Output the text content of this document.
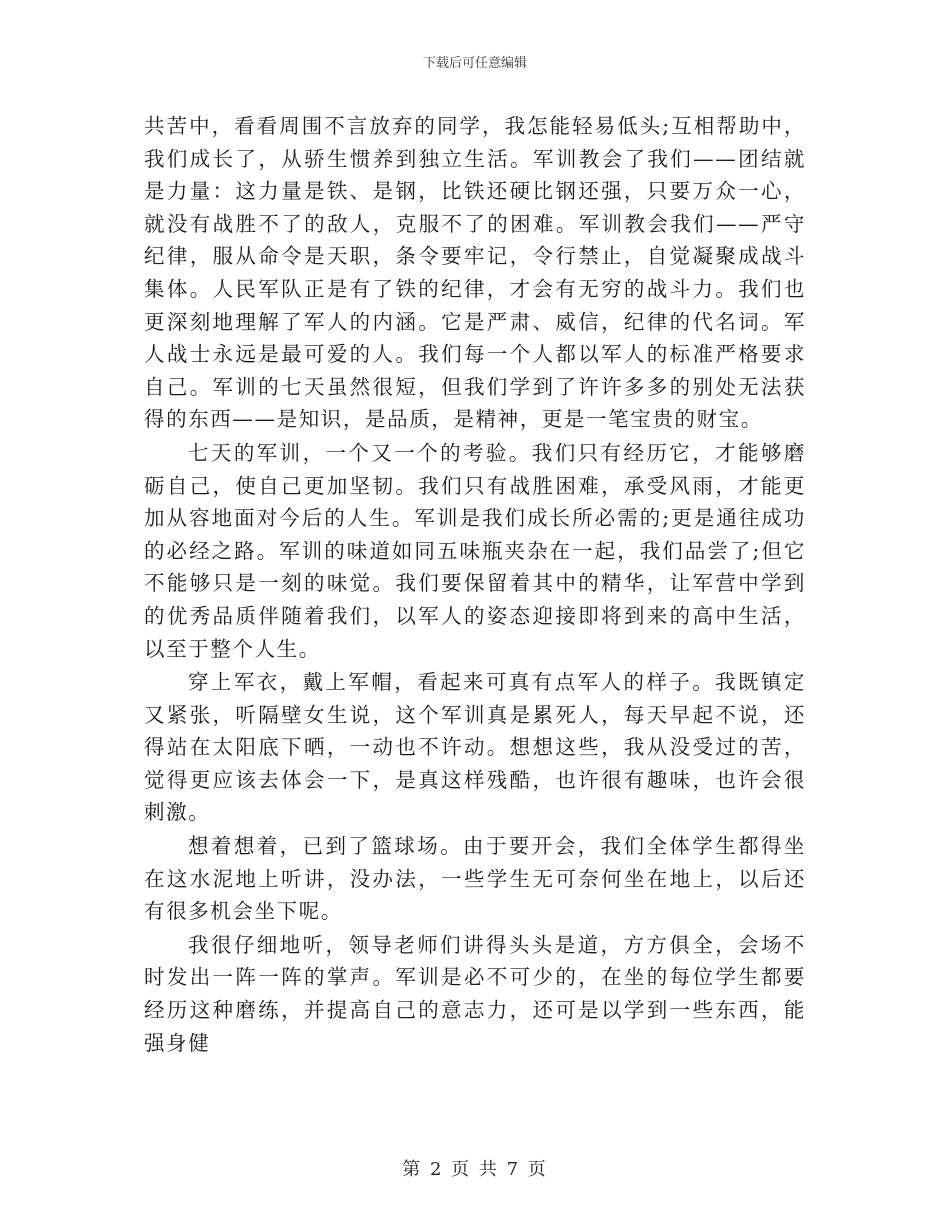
下载后可任意编辑

共苦中，看看周围不言放弃的同学，我怎能轻易低头;互相帮助中，我们成长了，从骄生惯养到独立生活。军训教会了我们——团结就是力量：这力量是铁、是钢，比铁还硬比钢还强，只要万众一心，就没有战胜不了的敌人，克服不了的困难。军训教会我们——严守纪律，服从命令是天职，条令要牢记，令行禁止，自觉凝聚成战斗集体。人民军队正是有了铁的纪律，才会有无穷的战斗力。我们也更深刻地理解了军人的内涵。它是严肃、威信，纪律的代名词。军人战士永远是最可爱的人。我们每一个人都以军人的标准严格要求自己。军训的七天虽然很短，但我们学到了许许多多的别处无法获得的东西——是知识，是品质，是精神，更是一笔宝贵的财宝。

七天的军训，一个又一个的考验。我们只有经历它，才能够磨砺自己，使自己更加坚韧。我们只有战胜困难，承受风雨，才能更加从容地面对今后的人生。军训是我们成长所必需的;更是通往成功的必经之路。军训的味道如同五味瓶夹杂在一起，我们品尝了;但它不能够只是一刻的味觉。我们要保留着其中的精华，让军营中学到的优秀品质伴随着我们，以军人的姿态迎接即将到来的高中生活，以至于整个人生。

穿上军衣，戴上军帽，看起来可真有点军人的样子。我既镇定又紧张，听隔壁女生说，这个军训真是累死人，每天早起不说，还得站在太阳底下晒，一动也不许动。想想这些，我从没受过的苦，觉得更应该去体会一下，是真这样残酷，也许很有趣味，也许会很刺激。

想着想着，已到了篮球场。由于要开会，我们全体学生都得坐在这水泥地上听讲，没办法，一些学生无可奈何坐在地上，以后还有很多机会坐下呢。

我很仔细地听，领导老师们讲得头头是道，方方俱全，会场不时发出一阵一阵的掌声。军训是必不可少的，在坐的每位学生都要经历这种磨练，并提高自己的意志力，还可是以学到一些东西，能强身健

第 2 页 共 7 页
